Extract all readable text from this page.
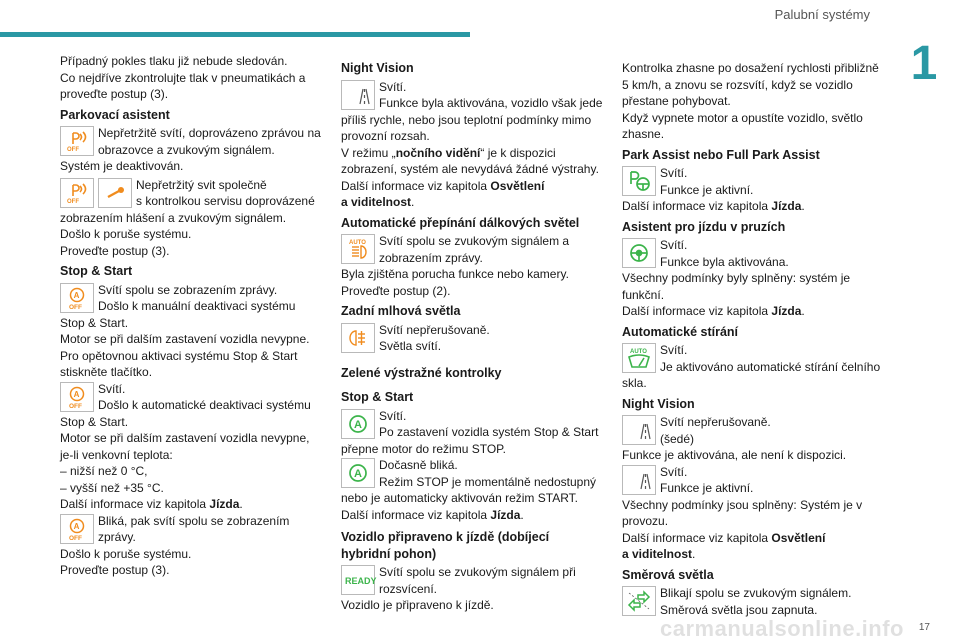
Palubní systémy
1
17
carmanualsonline.info
Případný pokles tlaku již nebude sledován.
Co nejdříve zkontrolujte tlak v pneumatikách a
proveďte postup (3).
Parkovací asistent
OFF
Nepřetržitě svítí, doprovázeno zprávou na
obrazovce a zvukovým signálem.
Systém je deaktivován.
OFF
Nepřetržitý svit společně
s kontrolkou servisu doprovázené
zobrazením hlášení a zvukovým signálem.
Došlo k poruše systému.
Proveďte postup (3).
Stop & Start
A
OFF
Svítí spolu se zobrazením zprávy.
Došlo k manuální deaktivaci systému
Stop & Start.
Motor se při dalším zastavení vozidla nevypne.
Pro opětovnou aktivaci systému Stop & Start
stiskněte tlačítko.
A
OFF
Svítí.
Došlo k automatické deaktivaci systému
Stop & Start.
Motor se při dalším zastavení vozidla nevypne,
je-li venkovní teplota:
– nižší než 0 °C,
– vyšší než +35 °C.
Další informace viz kapitola Jízda.
A
OFF
Bliká, pak svítí spolu se zobrazením
zprávy.
Došlo k poruše systému.
Proveďte postup (3).
Night Vision
Svítí.
Funkce byla aktivována, vozidlo však jede
příliš rychle, nebo jsou teplotní podmínky mimo
provozní rozsah.
V režimu „nočního vidění“ je k dispozici
zobrazení, systém ale nevydává žádné výstrahy.
Další informace viz kapitola Osvětlení
a viditelnost.
Automatické přepínání dálkových světel
AUTO	Svítí spolu se zvukovým signálem a
zobrazením zprávy.
Byla zjištěna porucha funkce nebo kamery.
Proveďte postup (2).
Zadní mlhová světla
Svítí nepřerušovaně.
Světla svítí.
Zelené výstražné kontrolky
Stop & Start
A
Svítí.
Po zastavení vozidla systém Stop & Start
přepne motor do režimu STOP.
A
Dočasně bliká.
Režim STOP je momentálně nedostupný
nebo je automaticky aktivován režim START.
Další informace viz kapitola Jízda.
Vozidlo připraveno k jízdě (dobíjecí
hybridní pohon)
READY
Svítí spolu se zvukovým signálem při
rozsvícení.
Vozidlo je připraveno k jízdě.
Kontrolka zhasne po dosažení rychlosti přibližně
5 km/h, a znovu se rozsvítí, když se vozidlo
přestane pohybovat.
Když vypnete motor a opustíte vozidlo, světlo
zhasne.
Park Assist nebo Full Park Assist
Svítí.
Funkce je aktivní.
Další informace viz kapitola Jízda.
Asistent pro jízdu v pruzích
Svítí.
Funkce byla aktivována.
Všechny podmínky byly splněny: systém je
funkční.
Další informace viz kapitola Jízda.
Automatické stírání
AUTO	Svítí.
Je aktivováno automatické stírání čelního
skla.
Night Vision
Svítí nepřerušovaně.
(šedé)
Funkce je aktivována, ale není k dispozici.
Svítí.
Funkce je aktivní.
Všechny podmínky jsou splněny: Systém je v
provozu.
Další informace viz kapitola Osvětlení
a viditelnost.
Směrová světla
Blikají spolu se zvukovým signálem.
Směrová světla jsou zapnuta.
